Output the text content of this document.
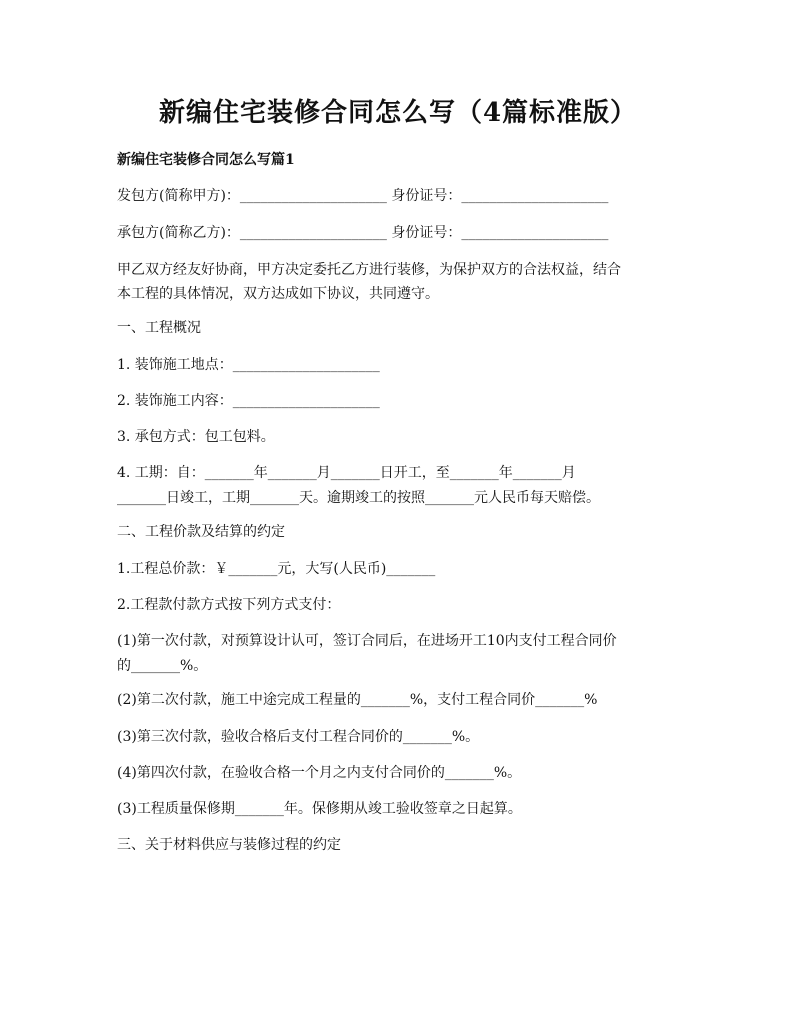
新编住宅装修合同怎么写（4篇标准版）
新编住宅装修合同怎么写篇1
发包方(简称甲方)：_____________________ 身份证号：_____________________
承包方(简称乙方)：_____________________ 身份证号：_____________________
甲乙双方经友好协商，甲方决定委托乙方进行装修，为保护双方的合法权益，结合
本工程的具体情况，双方达成如下协议，共同遵守。
一、工程概况
1. 装饰施工地点：_____________________
2. 装饰施工内容：_____________________
3. 承包方式：包工包料。
4. 工期：自：_______年_______月_______日开工，至_______年_______月
_______日竣工，工期_______天。逾期竣工的按照_______元人民币每天赔偿。
二、工程价款及结算的约定
1.工程总价款：￥_______元，大写(人民币)_______
2.工程款付款方式按下列方式支付：
(1)第一次付款，对预算设计认可，签订合同后，在进场开工10内支付工程合同价
的_______%。
(2)第二次付款，施工中途完成工程量的_______%，支付工程合同价_______%
(3)第三次付款，验收合格后支付工程合同价的_______%。
(4)第四次付款，在验收合格一个月之内支付合同价的_______%。
(3)工程质量保修期_______年。保修期从竣工验收签章之日起算。
三、关于材料供应与装修过程的约定
